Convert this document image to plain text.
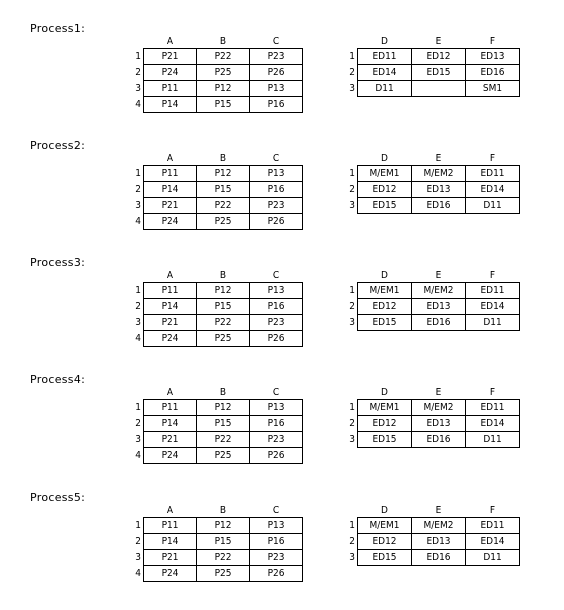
Process1:
	A	B	C
1	P21	P22	P23
2	P24	P25	P26
3	P11	P12	P13
4	P14	P15	P16
	D	E	F
1	ED11	ED12	ED13
2	ED14	ED15	ED16
3	D11		SM1
Process2:
	A	B	C
1	P11	P12	P13
2	P14	P15	P16
3	P21	P22	P23
4	P24	P25	P26
	D	E	F
1	M/EM1	M/EM2	ED11
2	ED12	ED13	ED14
3	ED15	ED16	D11
Process3:
	A	B	C
1	P11	P12	P13
2	P14	P15	P16
3	P21	P22	P23
4	P24	P25	P26
	D	E	F
1	M/EM1	M/EM2	ED11
2	ED12	ED13	ED14
3	ED15	ED16	D11
Process4:
	A	B	C
1	P11	P12	P13
2	P14	P15	P16
3	P21	P22	P23
4	P24	P25	P26
	D	E	F
1	M/EM1	M/EM2	ED11
2	ED12	ED13	ED14
3	ED15	ED16	D11
Process5:
	A	B	C
1	P11	P12	P13
2	P14	P15	P16
3	P21	P22	P23
4	P24	P25	P26
	D	E	F
1	M/EM1	M/EM2	ED11
2	ED12	ED13	ED14
3	ED15	ED16	D11
